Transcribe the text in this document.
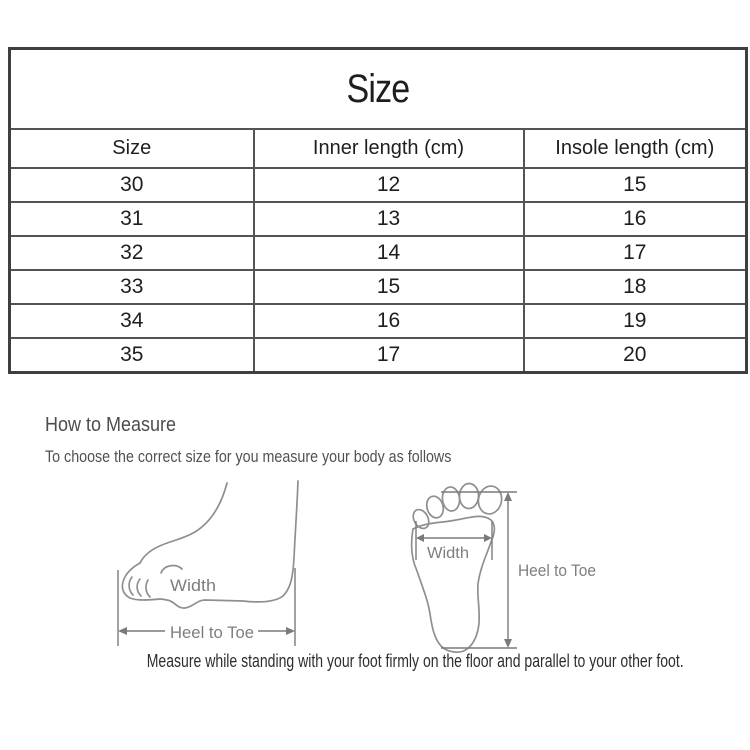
Size		
Size	Inner length (cm)	Insole length (cm)
30	12	15
31	13	16
32	14	17
33	15	18
34	16	19
35	17	20
How to Measure
To choose the correct size for you measure your body as follows
Width
Heel to Toe
Width
Heel to Toe
Measure while standing with your foot firmly on the floor and parallel to your other foot.
